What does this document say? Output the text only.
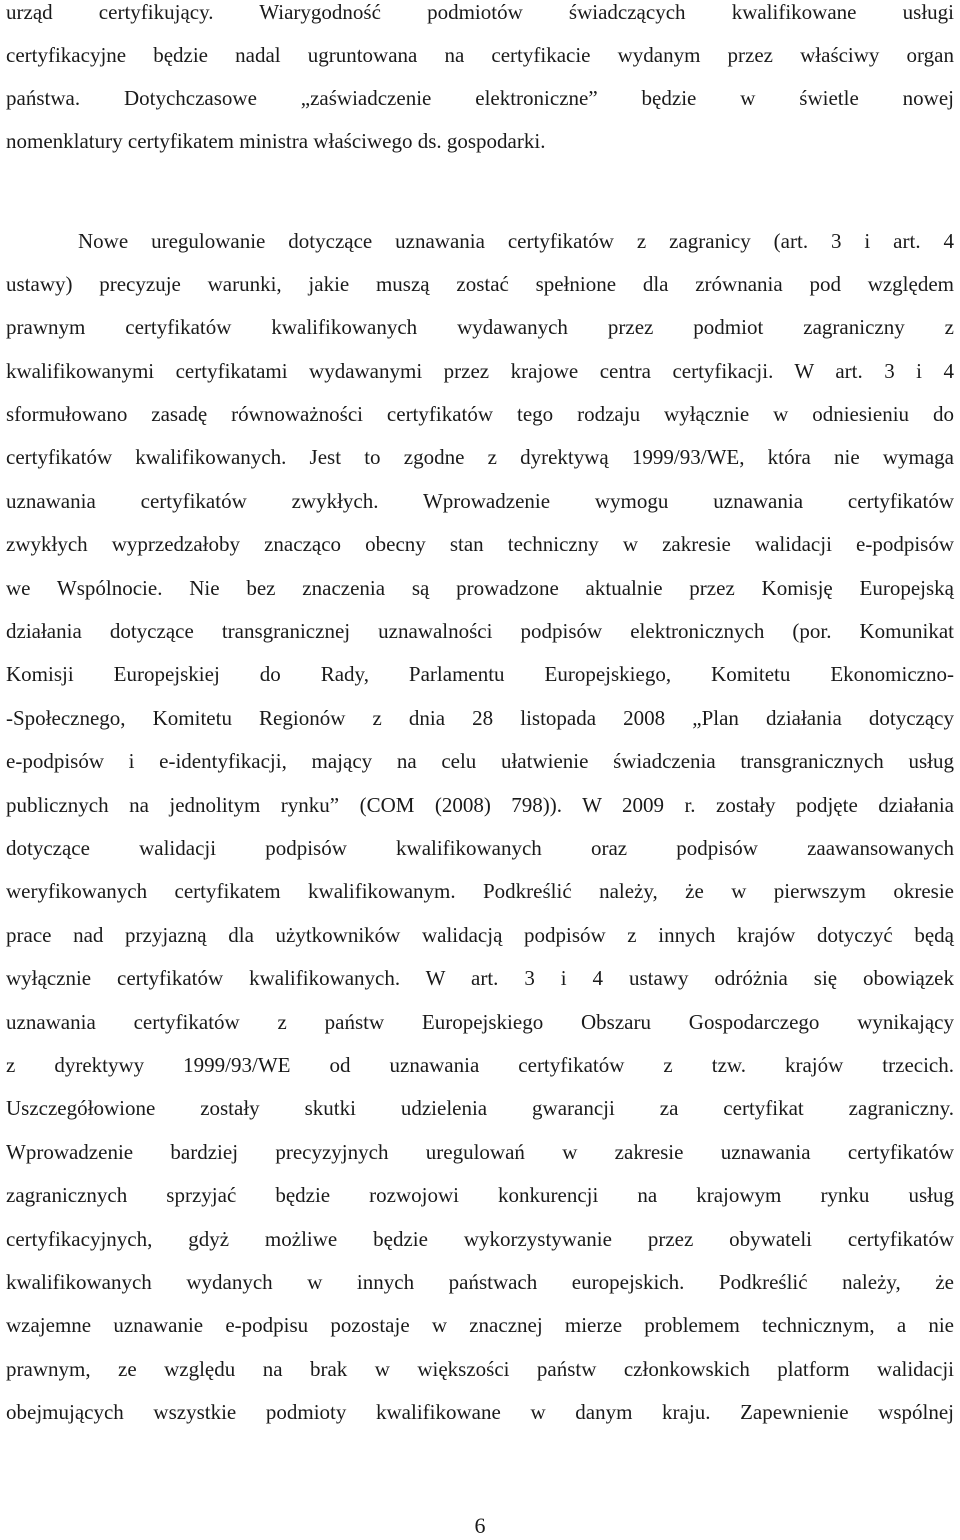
urząd certyfikujący. Wiarygodność podmiotów świadczących kwalifikowane usługi
certyfikacyjne będzie nadal ugruntowana na certyfikacie wydanym przez właściwy organ
państwa. Dotychczasowe „zaświadczenie elektroniczne” będzie w świetle nowej
nomenklatury certyfikatem ministra właściwego ds. gospodarki.
Nowe uregulowanie dotyczące uznawania certyfikatów z zagranicy (art. 3 i art. 4
ustawy) precyzuje warunki, jakie muszą zostać spełnione dla zrównania pod względem
prawnym certyfikatów kwalifikowanych wydawanych przez podmiot zagraniczny z
kwalifikowanymi certyfikatami wydawanymi przez krajowe centra certyfikacji. W art. 3 i 4
sformułowano zasadę równoważności certyfikatów tego rodzaju wyłącznie w odniesieniu do
certyfikatów kwalifikowanych. Jest to zgodne z dyrektywą 1999/93/WE, która nie wymaga
uznawania certyfikatów zwykłych. Wprowadzenie wymogu uznawania certyfikatów
zwykłych wyprzedzałoby znacząco obecny stan techniczny w zakresie walidacji e-podpisów
we Wspólnocie. Nie bez znaczenia są prowadzone aktualnie przez Komisję Europejską
działania dotyczące transgranicznej uznawalności podpisów elektronicznych (por. Komunikat
Komisji Europejskiej do Rady, Parlamentu Europejskiego, Komitetu Ekonomiczno-
-Społecznego, Komitetu Regionów z dnia 28 listopada 2008 „Plan działania dotyczący
e-podpisów i e-identyfikacji, mający na celu ułatwienie świadczenia transgranicznych usług
publicznych na jednolitym rynku” (COM (2008) 798)). W 2009 r. zostały podjęte działania
dotyczące walidacji podpisów kwalifikowanych oraz podpisów zaawansowanych
weryfikowanych certyfikatem kwalifikowanym. Podkreślić należy, że w pierwszym okresie
prace nad przyjazną dla użytkowników walidacją podpisów z innych krajów dotyczyć będą
wyłącznie certyfikatów kwalifikowanych. W art. 3 i 4 ustawy odróżnia się obowiązek
uznawania certyfikatów z państw Europejskiego Obszaru Gospodarczego wynikający
z dyrektywy 1999/93/WE od uznawania certyfikatów z tzw. krajów trzecich.
Uszczegółowione zostały skutki udzielenia gwarancji za certyfikat zagraniczny.
Wprowadzenie bardziej precyzyjnych uregulowań w zakresie uznawania certyfikatów
zagranicznych sprzyjać będzie rozwojowi konkurencji na krajowym rynku usług
certyfikacyjnych, gdyż możliwe będzie wykorzystywanie przez obywateli certyfikatów
kwalifikowanych wydanych w innych państwach europejskich. Podkreślić należy, że
wzajemne uznawanie e-podpisu pozostaje w znacznej mierze problemem technicznym, a nie
prawnym, ze względu na brak w większości państw członkowskich platform walidacji
obejmujących wszystkie podmioty kwalifikowane w danym kraju. Zapewnienie wspólnej
6
